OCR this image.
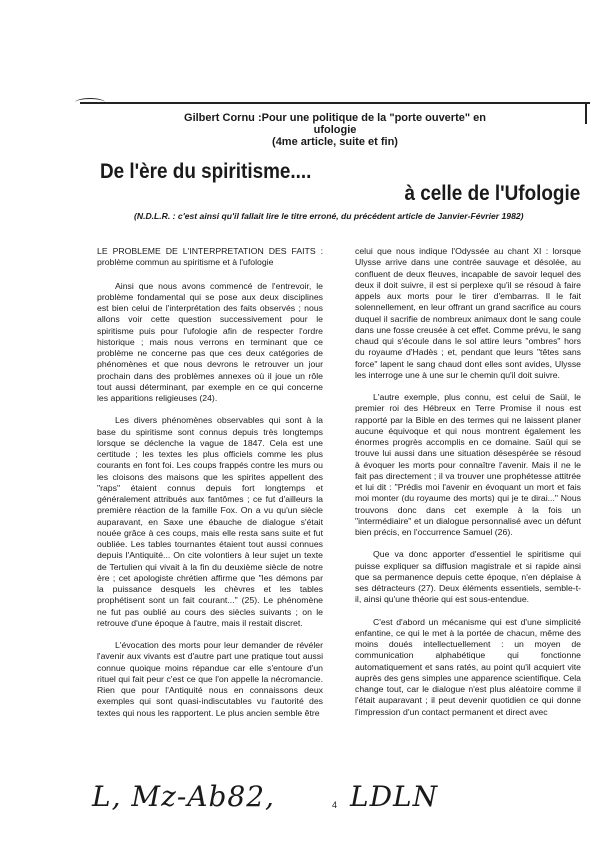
Gilbert Cornu :Pour une politique de la "porte ouverte" en ufologie
(4me article, suite et fin)
De l'ère du spiritisme....
à celle de l'Ufologie
(N.D.L.R. : c'est ainsi qu'il fallait lire le titre erroné, du précédent article de Janvier-Février 1982)

LE PROBLEME DE L'INTERPRETATION DES FAITS : problème commun au spiritisme et à l'ufologie

Ainsi que nous avons commencé de l'entrevoir, le problème fondamental qui se pose aux deux disciplines est bien celui de l'interprétation des faits observés ; nous allons voir cette question successivement pour le spiritisme puis pour l'ufologie afin de respecter l'ordre historique ; mais nous verrons en terminant que ce problème ne concerne pas que ces deux catégories de phénomènes et que nous devrons le retrouver un jour prochain dans des problèmes annexes où il joue un rôle tout aussi déterminant, par exemple en ce qui concerne les apparitions religieuses (24).

Les divers phénomènes observables qui sont à la base du spiritisme sont connus depuis très longtemps lorsque se déclenche la vague de 1847. Cela est une certitude ; les textes les plus officiels comme les plus courants en font foi. Les coups frappés contre les murs ou les cloisons des maisons que les spirites appellent des "raps" étaient connus depuis fort longtemps et généralement attribués aux fantômes ; ce fut d'ailleurs la première réaction de la famille Fox. On a vu qu'un siècle auparavant, en Saxe une ébauche de dialogue s'était nouée grâce à ces coups, mais elle resta sans suite et fut oubliée. Les tables tournantes étaient tout aussi connues depuis l'Antiquité... On cite volontiers à leur sujet un texte de Tertulien qui vivait à la fin du deuxième siècle de notre ère ; cet apologiste chrétien affirme que "les démons par la puissance desquels les chèvres et les tables prophétisent sont un fait courant..." (25). Le phénomène ne fut pas oublié au cours des siècles suivants ; on le retrouve d'une époque à l'autre, mais il restait discret.

L'évocation des morts pour leur demander de révéler l'avenir aux vivants est d'autre part une pratique tout aussi connue quoique moins répandue car elle s'entoure d'un rituel qui fait peur c'est ce que l'on appelle la nécromancie. Rien que pour l'Antiquité nous en connaissons deux exemples qui sont quasi-indiscutables vu l'autorité des textes qui nous les rapportent. Le plus ancien semble être

celui que nous indique l'Odyssée au chant XI : lorsque Ulysse arrive dans une contrée sauvage et désolée, au confluent de deux fleuves, incapable de savoir lequel des deux il doit suivre, il est si perplexe qu'il se résoud à faire appels aux morts pour le tirer d'embarras. Il le fait solennellement, en leur offrant un grand sacrifice au cours duquel il sacrifie de nombreux animaux dont le sang coule dans une fosse creusée à cet effet. Comme prévu, le sang chaud qui s'écoule dans le sol attire leurs "ombres" hors du royaume d'Hadès ; et, pendant que leurs "têtes sans force" lapent le sang chaud dont elles sont avides, Ulysse les interroge une à une sur le chemin qu'il doit suivre.

L'autre exemple, plus connu, est celui de Saül, le premier roi des Hébreux en Terre Promise il nous est rapporté par la Bible en des termes qui ne laissent planer aucune équivoque et qui nous montrent également les énormes progrès accomplis en ce domaine. Saül qui se trouve lui aussi dans une situation désespérée se résoud à évoquer les morts pour connaître l'avenir. Mais il ne le fait pas directement ; il va trouver une prophétesse attitrée et lui dit : "Prédis moi l'avenir en évoquant un mort et fais moi monter (du royaume des morts) qui je te dirai..." Nous trouvons donc dans cet exemple à la fois un "intermédiaire" et un dialogue personnalisé avec un défunt bien précis, en l'occurrence Samuel (26).

Que va donc apporter d'essentiel le spiritisme qui puisse expliquer sa diffusion magistrale et si rapide ainsi que sa permanence depuis cette époque, n'en déplaise à ses détracteurs (27). Deux éléments essentiels, semble-t-il, ainsi qu'une théorie qui est sous-entendue.

C'est d'abord un mécanisme qui est d'une simplicité enfantine, ce qui le met à la portée de chacun, même des moins doués intellectuellement : un moyen de communication alphabétique qui fonctionne automatiquement et sans ratés, au point qu'il acquiert vite auprès des gens simples une apparence scientifique. Cela change tout, car le dialogue n'est plus aléatoire comme il l'était auparavant ; il peut devenir quotidien ce qui donne l'impression d'un contact permanent et direct avec

L, Mz-Ab82,	4 LDLN
